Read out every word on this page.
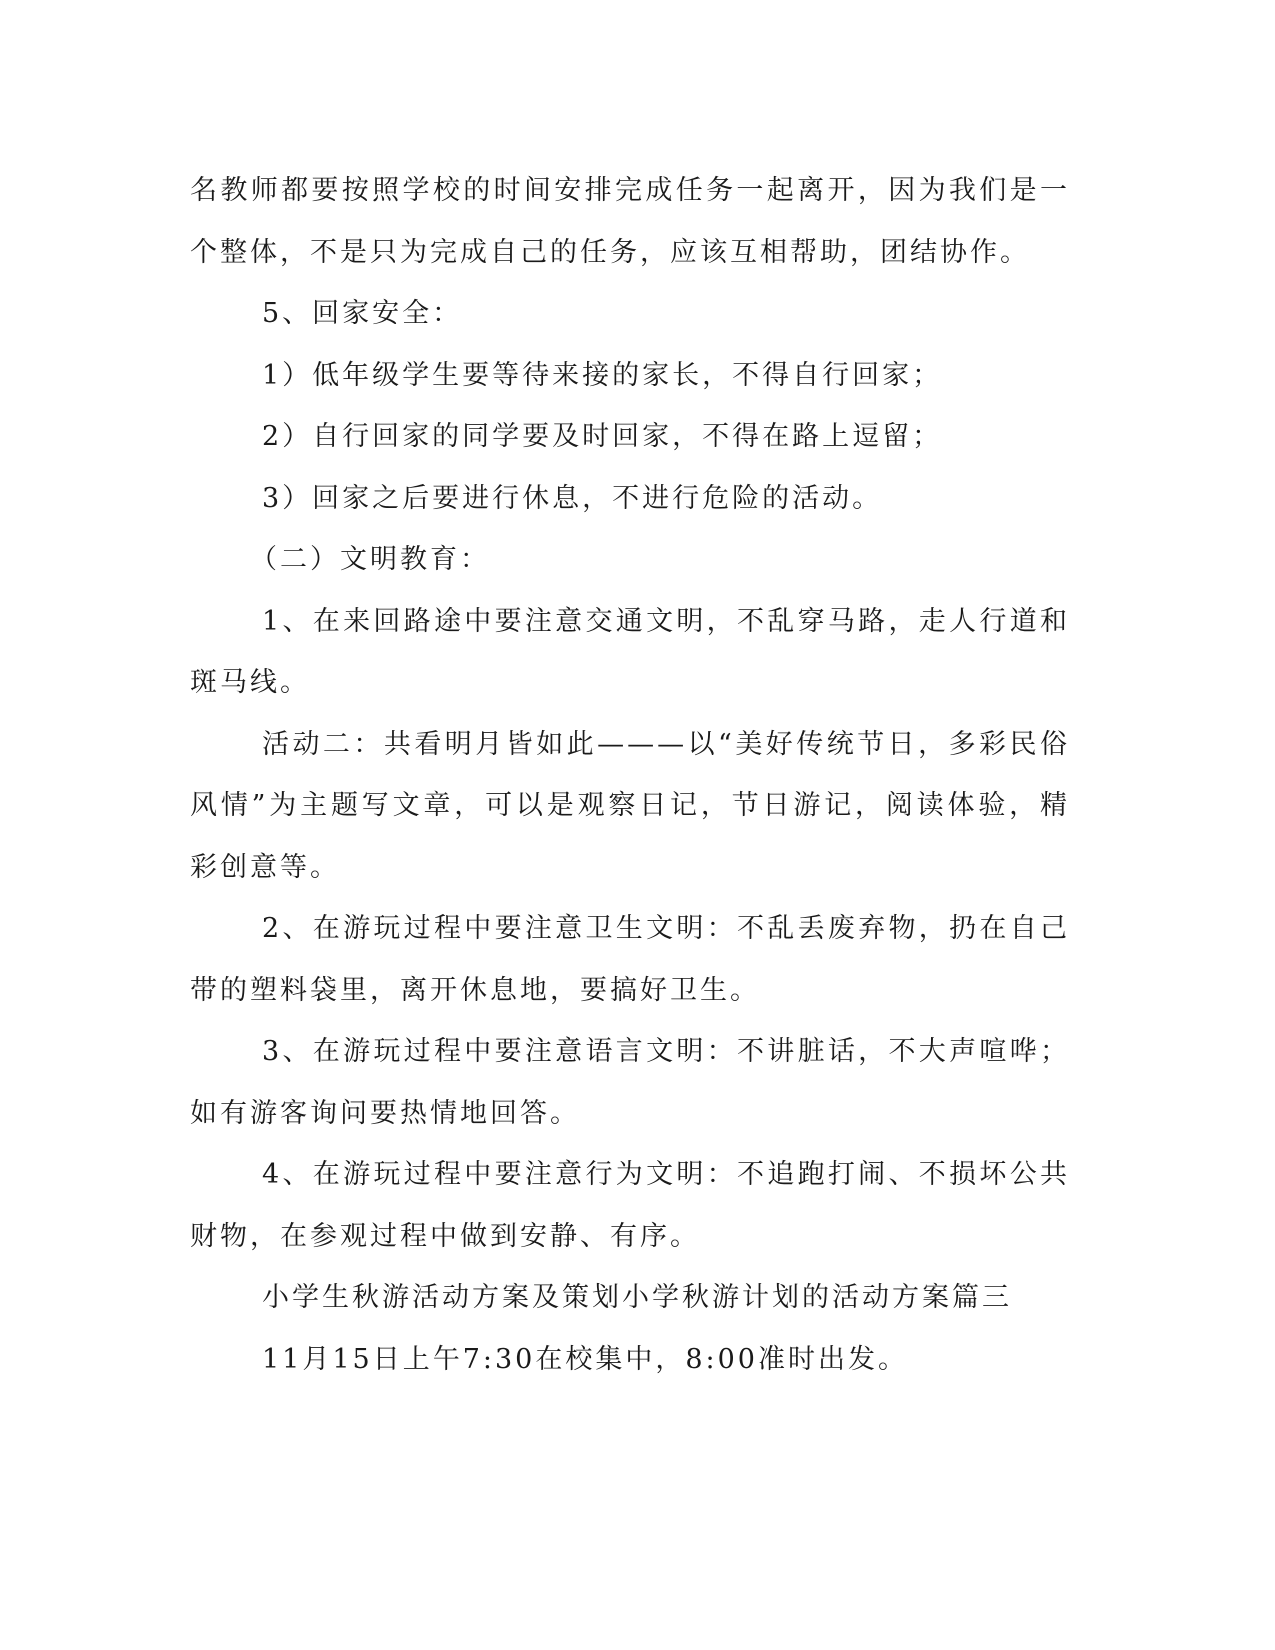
名教师都要按照学校的时间安排完成任务一起离开，因为我们是一个整体，不是只为完成自己的任务，应该互相帮助，团结协作。

5、回家安全：

1）低年级学生要等待来接的家长，不得自行回家；

2）自行回家的同学要及时回家，不得在路上逗留；

3）回家之后要进行休息，不进行危险的活动。

（二）文明教育：

1、在来回路途中要注意交通文明，不乱穿马路，走人行道和斑马线。

活动二：共看明月皆如此———以“美好传统节日，多彩民俗风情”为主题写文章，可以是观察日记，节日游记，阅读体验，精彩创意等。

2、在游玩过程中要注意卫生文明：不乱丢废弃物，扔在自己带的塑料袋里，离开休息地，要搞好卫生。

3、在游玩过程中要注意语言文明：不讲脏话，不大声喧哗；如有游客询问要热情地回答。

4、在游玩过程中要注意行为文明：不追跑打闹、不损坏公共财物，在参观过程中做到安静、有序。

小学生秋游活动方案及策划小学秋游计划的活动方案篇三

11月15日上午7:30在校集中，8:00准时出发。
